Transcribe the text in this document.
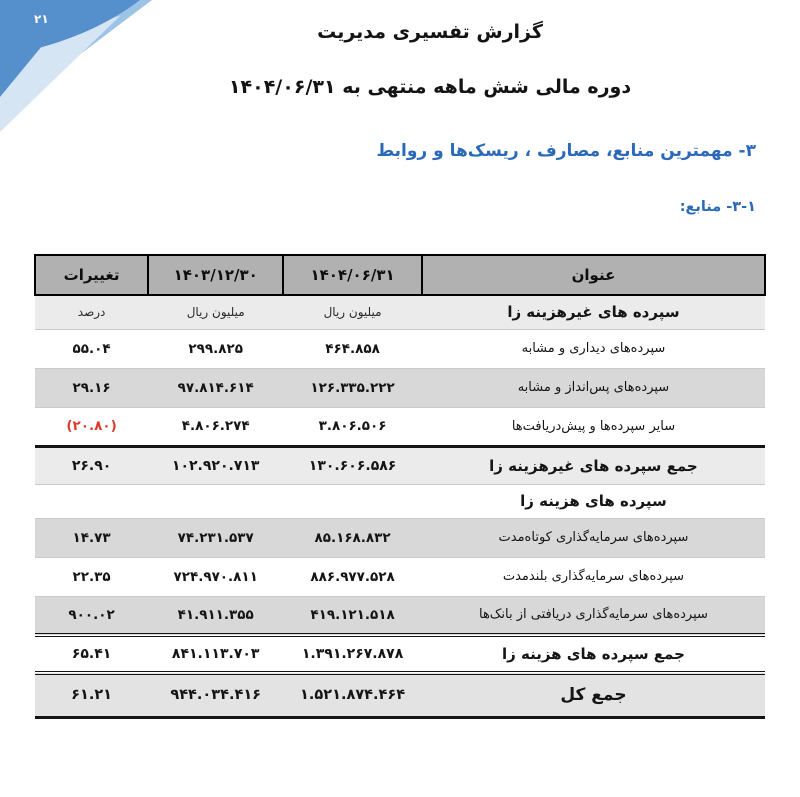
۲۱
گزارش تفسیری مدیریت
دوره مالی شش ماهه منتهی به ۱۴۰۴/۰۶/۳۱
۳- مهمترین منابع، مصارف ، ریسک‌ها و روابط
۳-۱- منابع:
عنوان	۱۴۰۴/۰۶/۳۱	۱۴۰۳/۱۲/۳۰	تغییرات
سپرده های غیرهزینه زا	میلیون ریال	میلیون ریال	درصد
سپرده‌های دیداری و مشابه	۴۶۴.۸۵۸	۲۹۹.۸۲۵	۵۵.۰۴
سپرده‌های پس‌انداز و مشابه	۱۲۶.۳۳۵.۲۲۲	۹۷.۸۱۴.۶۱۴	۲۹.۱۶
سایر سپرده‌ها و پیش‌دریافت‌ها	۳.۸۰۶.۵۰۶	۴.۸۰۶.۲۷۴	(۲۰.۸۰)
جمع سپرده های غیرهزینه زا	۱۳۰.۶۰۶.۵۸۶	۱۰۲.۹۲۰.۷۱۳	۲۶.۹۰
سپرده های هزینه زا			
سپرده‌های سرمایه‌گذاری کوتاه‌مدت	۸۵.۱۶۸.۸۳۲	۷۴.۲۳۱.۵۳۷	۱۴.۷۳
سپرده‌های سرمایه‌گذاری بلندمدت	۸۸۶.۹۷۷.۵۲۸	۷۲۴.۹۷۰.۸۱۱	۲۲.۳۵
سپرده‌های سرمایه‌گذاری دریافتی از بانک‌ها	۴۱۹.۱۲۱.۵۱۸	۴۱.۹۱۱.۳۵۵	۹۰۰.۰۲
جمع سپرده های هزینه زا	۱.۳۹۱.۲۶۷.۸۷۸	۸۴۱.۱۱۳.۷۰۳	۶۵.۴۱
جمع کل	۱.۵۲۱.۸۷۴.۴۶۴	۹۴۴.۰۳۴.۴۱۶	۶۱.۲۱
